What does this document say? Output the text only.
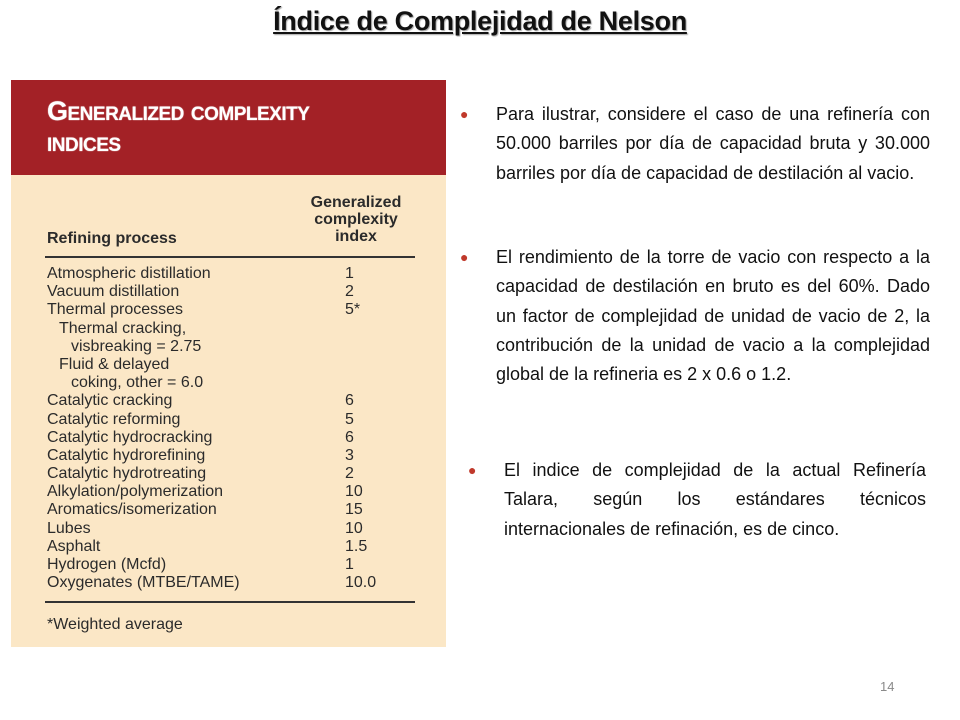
Índice de Complejidad de Nelson
Generalized complexity
indices
Generalized
complexity
index
Refining process
Atmospheric distillation	1
Vacuum distillation	2
Thermal processes	5*
Thermal cracking,
visbreaking = 2.75
Fluid & delayed
coking, other = 6.0
Catalytic cracking	6
Catalytic reforming	5
Catalytic hydrocracking	6
Catalytic hydrorefining	3
Catalytic hydrotreating	2
Alkylation/polymerization	10
Aromatics/isomerization	15
Lubes	10
Asphalt	1.5
Hydrogen (Mcfd)	1
Oxygenates (MTBE/TAME)	10.0
*Weighted average
● Para ilustrar, considere el caso de una refinería con 50.000 barriles por día de capacidad bruta y 30.000 barriles por día de capacidad de destilación al vacio.
● El rendimiento de la torre de vacio con respecto a la capacidad de destilación en bruto es del 60%. Dado un factor de complejidad de unidad de vacio de 2, la contribución de la unidad de vacio a la complejidad global de la refineria es 2 x 0.6 o 1.2.
● El indice de complejidad de la actual Refinería Talara, según los estándares técnicos internacionales de refinación, es de cinco.
14
